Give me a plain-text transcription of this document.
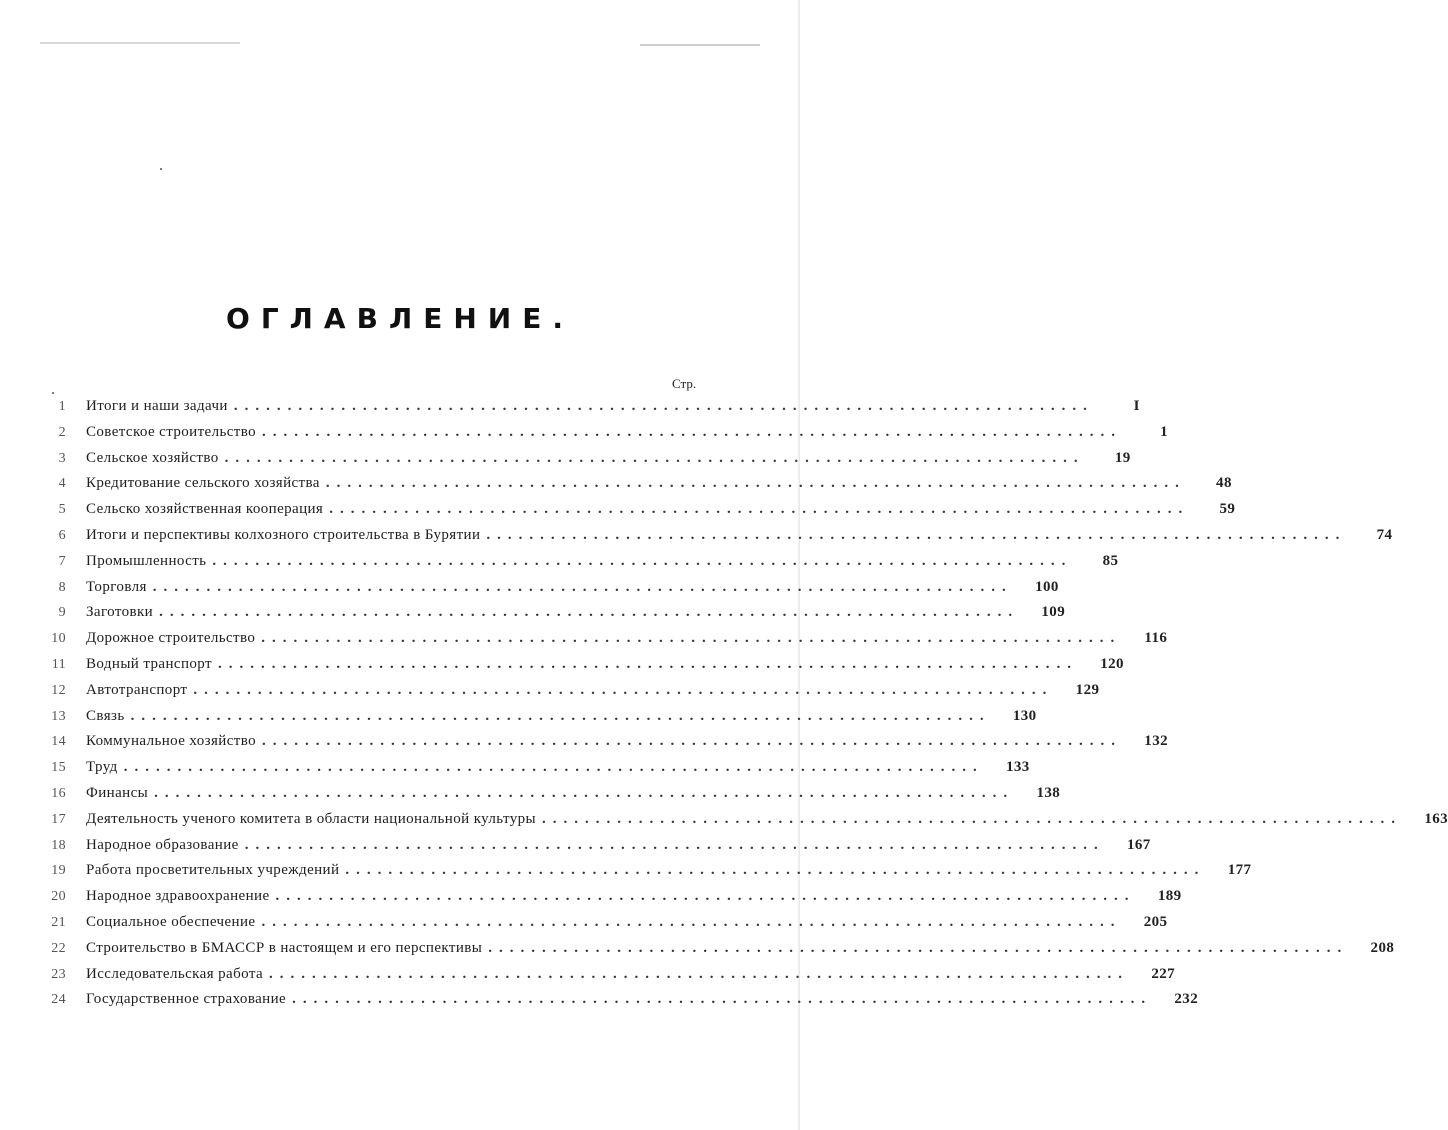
ОГЛАВЛЕНИЕ.
Стр.
1 Итоги и наши задачи ................................................................................	I
2 Советское строительство ................................................................................	1
3 Сельское хозяйство ................................................................................	19
4 Кредитование сельского хозяйства ................................................................................	48
5 Сельско хозяйственная кооперация ................................................................................	59
6 Итоги и перспективы колхозного строительства в Бурятии ................................................................................	74
7 Промышленность ................................................................................	85
8 Торговля ................................................................................	100
9 Заготовки ................................................................................	109
10 Дорожное строительство ................................................................................	116
11 Водный транспорт ................................................................................	120
12 Автотранспорт ................................................................................	129
13 Связь ................................................................................	130
14 Коммунальное хозяйство ................................................................................	132
15 Труд ................................................................................	133
16 Финансы ................................................................................	138
17 Деятельность ученого комитета в области национальной культуры ................................................................................	163
18 Народное образование ................................................................................	167
19 Работа просветительных учреждений ................................................................................	177
20 Народное здравоохранение ................................................................................	189
21 Социальное обеспечение ................................................................................	205
22 Строительство в БМАССР в настоящем и его перспективы ................................................................................	208
23 Исследовательская работа ................................................................................	227
24 Государственное страхование ................................................................................	232
